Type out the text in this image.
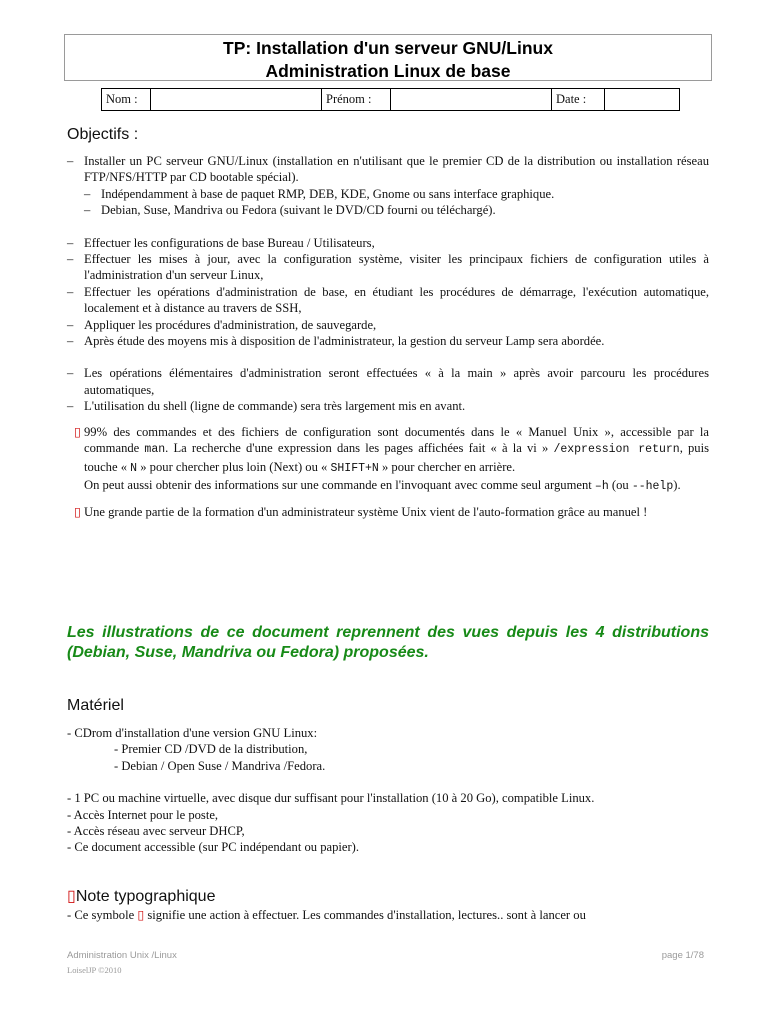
TP: Installation d'un serveur GNU/Linux

Administration Linux de base

Nom :		Prénom :		Date :	
Objectifs :
– Installer un PC serveur GNU/Linux (installation en n'utilisant que le premier CD de la distribution ou installation réseau FTP/NFS/HTTP par CD bootable spécial).
– Indépendamment à base de paquet RMP, DEB, KDE, Gnome ou sans interface graphique.
– Debian, Suse, Mandriva ou Fedora (suivant le DVD/CD fourni ou téléchargé).
– Effectuer les configurations de base Bureau / Utilisateurs,
– Effectuer les mises à jour, avec la configuration système, visiter les principaux fichiers de configuration utiles à l'administration d'un serveur Linux,
– Effectuer les opérations d'administration de base, en étudiant les procédures de démarrage, l'exécution automatique, localement et à distance au travers de SSH,
– Appliquer les procédures d'administration, de sauvegarde,
– Après étude des moyens mis à disposition de l'administrateur, la gestion du serveur Lamp sera abordée.
– Les opérations élémentaires d'administration seront effectuées « à la main » après avoir parcouru les procédures automatiques,
– L'utilisation du shell (ligne de commande) sera très largement mis en avant.
▯ 99% des commandes et des fichiers de configuration sont documentés dans le « Manuel Unix », accessible par la commande man. La recherche d'une expression dans les pages affichées fait « à la vi » /expression return, puis touche « N » pour chercher plus loin (Next) ou « SHIFT+N » pour chercher en arrière.
On peut aussi obtenir des informations sur une commande en l'invoquant avec comme seul argument –h (ou --help).
▯ Une grande partie de la formation d'un administrateur système Unix vient de l'auto-formation grâce au manuel !

Les illustrations de ce document reprennent des vues depuis les 4 distributions (Debian, Suse, Mandriva ou Fedora) proposées.

Matériel
- CDrom d'installation d'une version GNU Linux:
- Premier CD /DVD de la distribution,
- Debian / Open Suse / Mandriva /Fedora.
- 1 PC ou machine virtuelle, avec disque dur suffisant pour l'installation (10 à 20 Go), compatible Linux.
- Accès Internet pour le poste,
- Accès réseau avec serveur DHCP,
- Ce document accessible (sur PC indépendant ou papier).
▯Note typographique
- Ce symbole ▯ signifie une action à effectuer. Les commandes d'installation, lectures.. sont à lancer ou
Administration Unix /Linux
LoiselJP ©2010
page 1/78
